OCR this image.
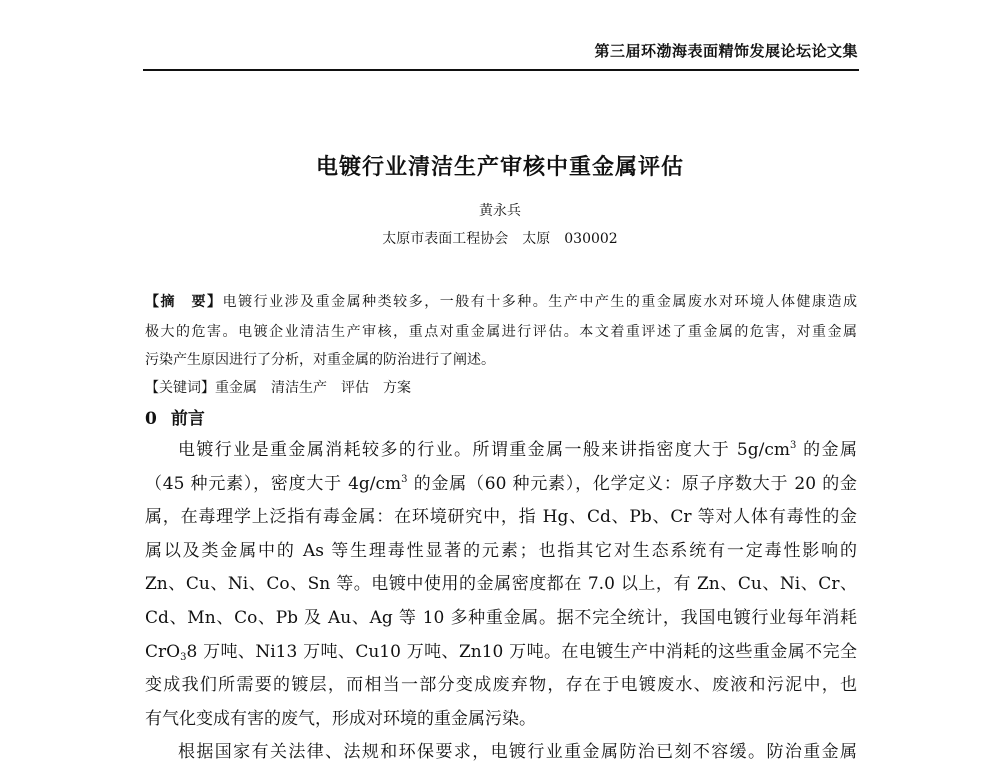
第三届环渤海表面精饰发展论坛论文集
电镀行业清洁生产审核中重金属评估
黄永兵
太原市表面工程协会　太原　030002
【摘　要】电镀行业涉及重金属种类较多，一般有十多种。生产中产生的重金属废水对环境人体健康造成
极大的危害。电镀企业清洁生产审核，重点对重金属进行评估。本文着重评述了重金属的危害，对重金属
污染产生原因进行了分析，对重金属的防治进行了阐述。
【关键词】重金属　清洁生产　评估　方案
0 前言
电镀行业是重金属消耗较多的行业。所谓重金属一般来讲指密度大于 $5g/cm^3$ 的金属
（45 种元素），密度大于 $4g/cm^3$ 的金属（60 种元素），化学定义：原子序数大于 20 的金
属，在毒理学上泛指有毒金属：在环境研究中，指 Hg、Cd、Pb、Cr 等对人体有毒性的金
属以及类金属中的 As 等生理毒性显著的元素；也指其它对生态系统有一定毒性影响的
Zn、Cu、Ni、Co、Sn 等。电镀中使用的金属密度都在 7.0 以上，有 Zn、Cu、Ni、Cr、
Cd、Mn、Co、Pb 及 Au、Ag 等 10 多种重金属。据不完全统计，我国电镀行业每年消耗
CrO$_3$8 万吨、Ni13 万吨、Cu10 万吨、Zn10 万吨。在电镀生产中消耗的这些重金属不完全
变成我们所需要的镀层，而相当一部分变成废弃物，存在于电镀废水、废液和污泥中，也
有气化变成有害的废气，形成对环境的重金属污染。
根据国家有关法律、法规和环保要求，电镀行业重金属防治已刻不容缓。防治重金属
